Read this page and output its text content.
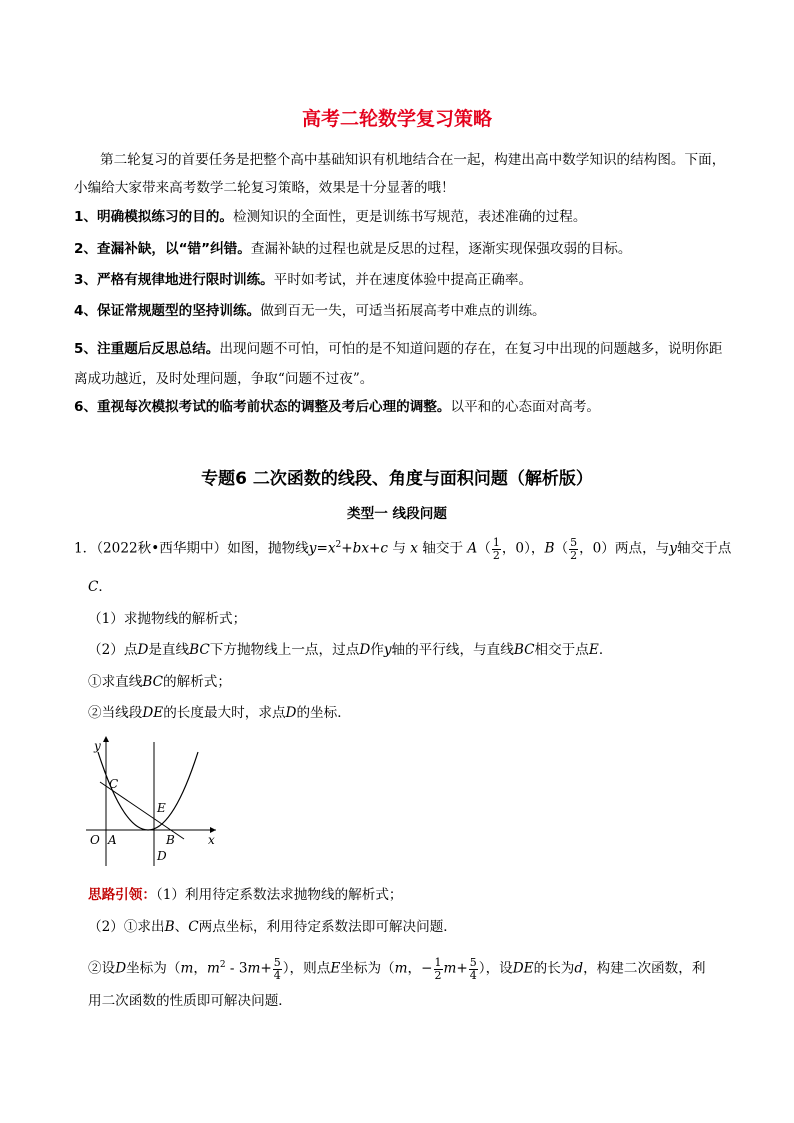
高考二轮数学复习策略
第二轮复习的首要任务是把整个高中基础知识有机地结合在一起，构建出高中数学知识的结构图。下面，小编给大家带来高考数学二轮复习策略，效果是十分显著的哦！
1、明确模拟练习的目的。检测知识的全面性，更是训练书写规范，表述准确的过程。
2、查漏补缺，以“错”纠错。查漏补缺的过程也就是反思的过程，逐渐实现保强攻弱的目标。
3、严格有规律地进行限时训练。平时如考试，并在速度体验中提高正确率。
4、保证常规题型的坚持训练。做到百无一失，可适当拓展高考中难点的训练。
5、注重题后反思总结。出现问题不可怕，可怕的是不知道问题的存在，在复习中出现的问题越多，说明你距离成功越近，及时处理问题，争取“问题不过夜”。
6、重视每次模拟考试的临考前状态的调整及考后心理的调整。以平和的心态面对高考。
专题6 二次函数的线段、角度与面积问题（解析版）
类型一 线段问题
1．（2022秋•西华期中）如图，抛物线$y=x^2+bx+c$ 与 x 轴交于 $A( \frac{1}{2}$ ，0），$B( \frac{5}{2}$ ，0）两点，与y轴交于点
C．
（1）求抛物线的解析式；
（2）点D是直线BC下方抛物线上一点，过点D作y轴的平行线，与直线BC相交于点E．
①求直线BC的解析式；
②当线段DE的长度最大时，求点D的坐标．
y
x
O A	B
C
D
E
思路引领：（1）利用待定系数法求抛物线的解析式；
（2）①求出B、C两点坐标，利用待定系数法即可解决问题．
②设D坐标为（m，$m^2 - 3m+ \frac{5}{4}$ ），则点E坐标为（m，− $\frac{1}{2} m+ \frac{5}{4}$ ），设DE的长为d，构建二次函数，利
用二次函数的性质即可解决问题．
